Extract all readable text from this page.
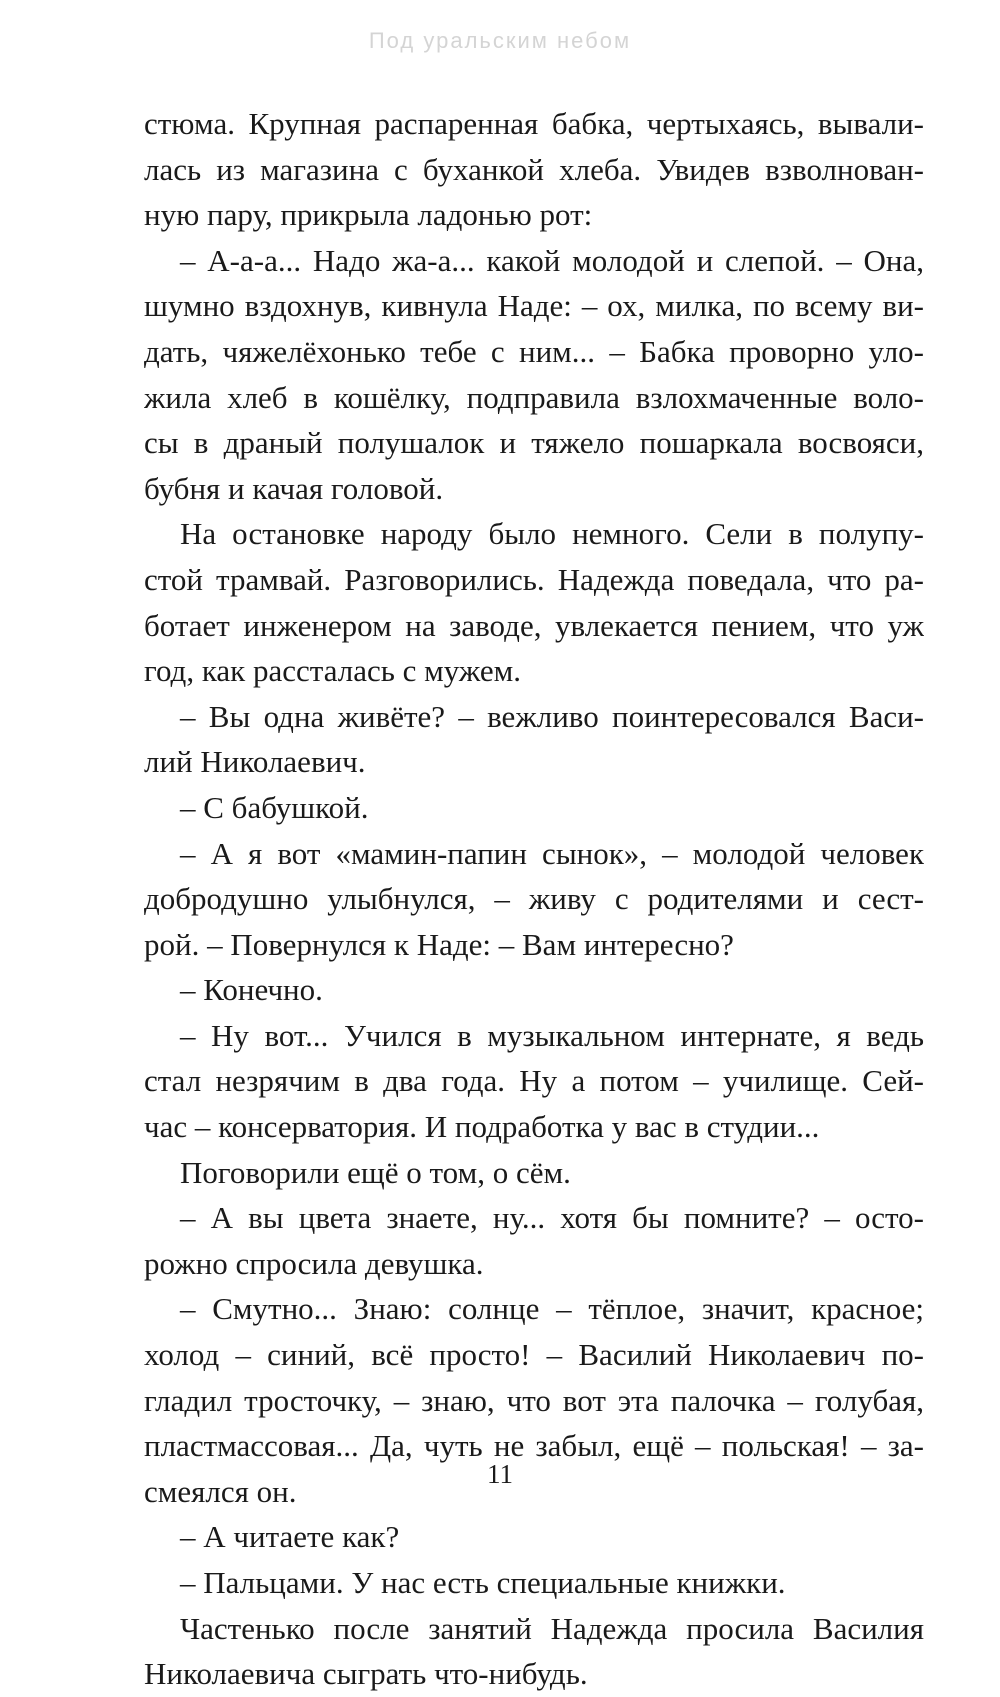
Под уральским небом
стюма. Крупная распаренная бабка, чертыхаясь, вывали-
лась из магазина с буханкой хлеба. Увидев взволнован-
ную пару, прикрыла ладонью рот:
– А-а-а... Надо жа-а... какой молодой и слепой. – Она,
шумно вздохнув, кивнула Наде: – ох, милка, по всему ви-
дать, чяжелёхонько тебе с ним... – Бабка проворно уло-
жила хлеб в кошёлку, подправила взлохмаченные воло-
сы в драный полушалок и тяжело пошаркала восвояси,
бубня и качая головой.
На остановке народу было немного. Сели в полупу-
стой трамвай. Разговорились. Надежда поведала, что ра-
ботает инженером на заводе, увлекается пением, что уж
год, как рассталась с мужем.
– Вы одна живёте? – вежливо поинтересовался Васи-
лий Николаевич.
– С бабушкой.
– А я вот «мамин-папин сынок», – молодой человек
добродушно улыбнулся, – живу с родителями и сест-
рой. – Повернулся к Наде: – Вам интересно?
– Конечно.
– Ну вот... Учился в музыкальном интернате, я ведь
стал незрячим в два года. Ну а потом – училище. Сей-
час – консерватория. И подработка у вас в студии...
Поговорили ещё о том, о сём.
– А вы цвета знаете, ну... хотя бы помните? – осто-
рожно спросила девушка.
– Смутно... Знаю: солнце – тёплое, значит, красное;
холод – синий, всё просто! – Василий Николаевич по-
гладил тросточку, – знаю, что вот эта палочка – голубая,
пластмассовая... Да, чуть не забыл, ещё – польская! – за-
смеялся он.
– А читаете как?
– Пальцами. У нас есть специальные книжки.
Частенько после занятий Надежда просила Василия
Николаевича сыграть что-нибудь.
11
